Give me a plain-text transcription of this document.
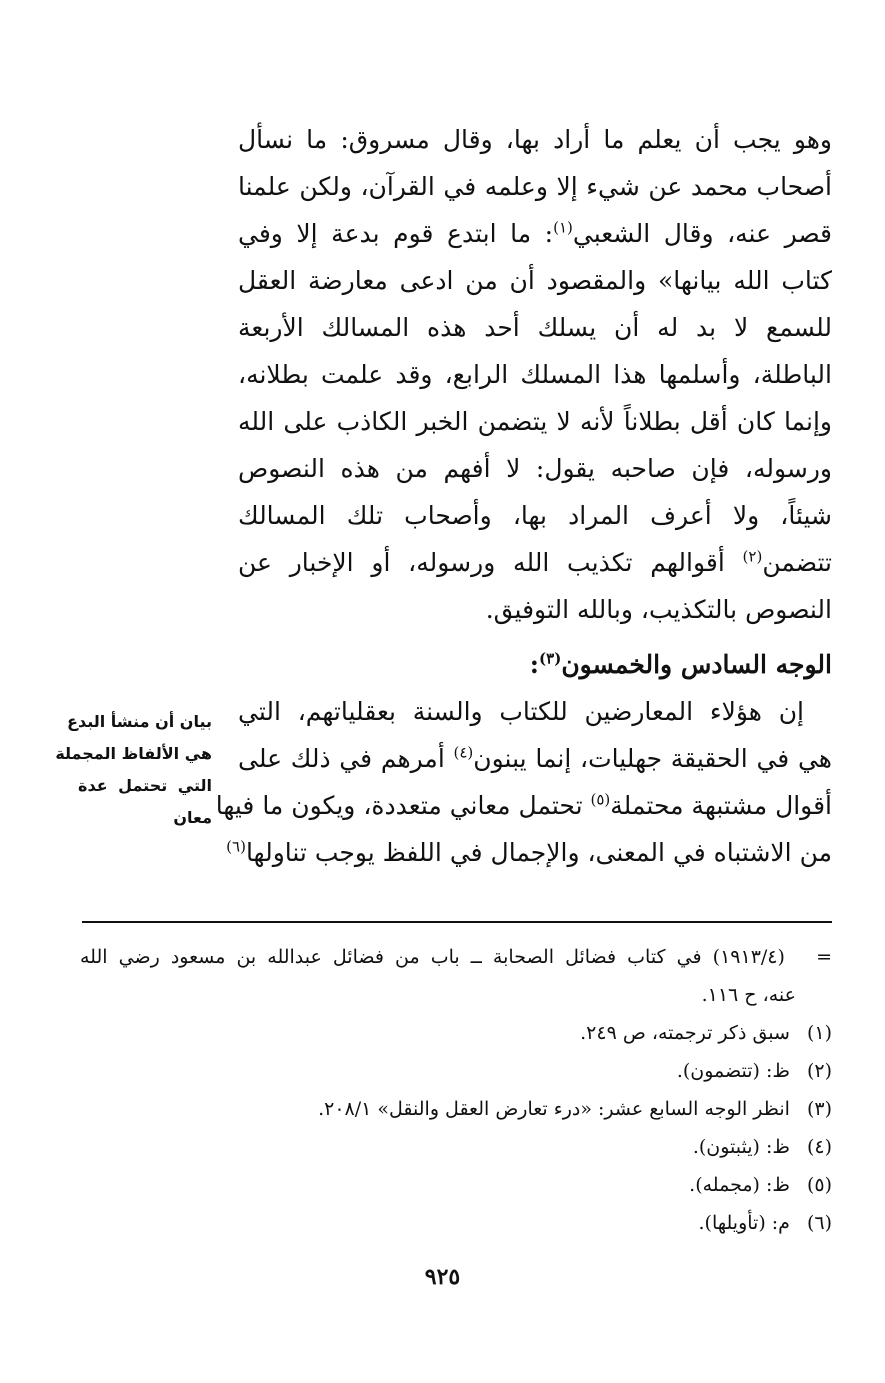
وهو يجب أن يعلم ما أراد بها، وقال مسروق: ما نسأل
أصحاب محمد عن شيء إلا وعلمه في القرآن، ولكن علمنا
قصر عنه، وقال الشعبي$^{(١)}$: ما ابتدع قوم بدعة إلا وفي
كتاب الله بيانها» والمقصود أن من ادعى معارضة العقل
للسمع لا بد له أن يسلك أحد هذه المسالك الأربعة
الباطلة، وأسلمها هذا المسلك الرابع، وقد علمت بطلانه،
وإنما كان أقل بطلاناً لأنه لا يتضمن الخبر الكاذب على الله
ورسوله، فإن صاحبه يقول: لا أفهم من هذه النصوص
شيئاً، ولا أعرف المراد بها، وأصحاب تلك المسالك
تتضمن$^{(٢)}$ أقوالهم تكذيب الله ورسوله، أو الإخبار عن
النصوص بالتكذيب، وبالله التوفيق.
الوجه السادس والخمسون$^{(٣)}$:
إن هؤلاء المعارضين للكتاب والسنة بعقلياتهم، التي
هي في الحقيقة جهليات، إنما يبنون$^{(٤)}$ أمرهم في ذلك على
أقوال مشتبهة محتملة$^{(٥)}$ تحتمل معاني متعددة، ويكون ما فيها
من الاشتباه في المعنى، والإجمال في اللفظ يوجب تناولها$^{(٦)}$
بيان أن منشأ البدع
هي الألفاظ المجملة
التي تحتمل عدة
معان
= (١٩١٣/٤) في كتاب فضائل الصحابة ــ باب من فضائل عبدالله بن مسعود رضي الله
عنه، ح ١١٦.
(١) سبق ذكر ترجمته، ص ٢٤٩.
(٢) ظ: (تتضمون).
(٣) انظر الوجه السابع عشر: «درء تعارض العقل والنقل» ٢٠٨/١.
(٤) ظ: (يثبتون).
(٥) ظ: (مجمله).
(٦) م: (تأويلها).
٩٢٥
